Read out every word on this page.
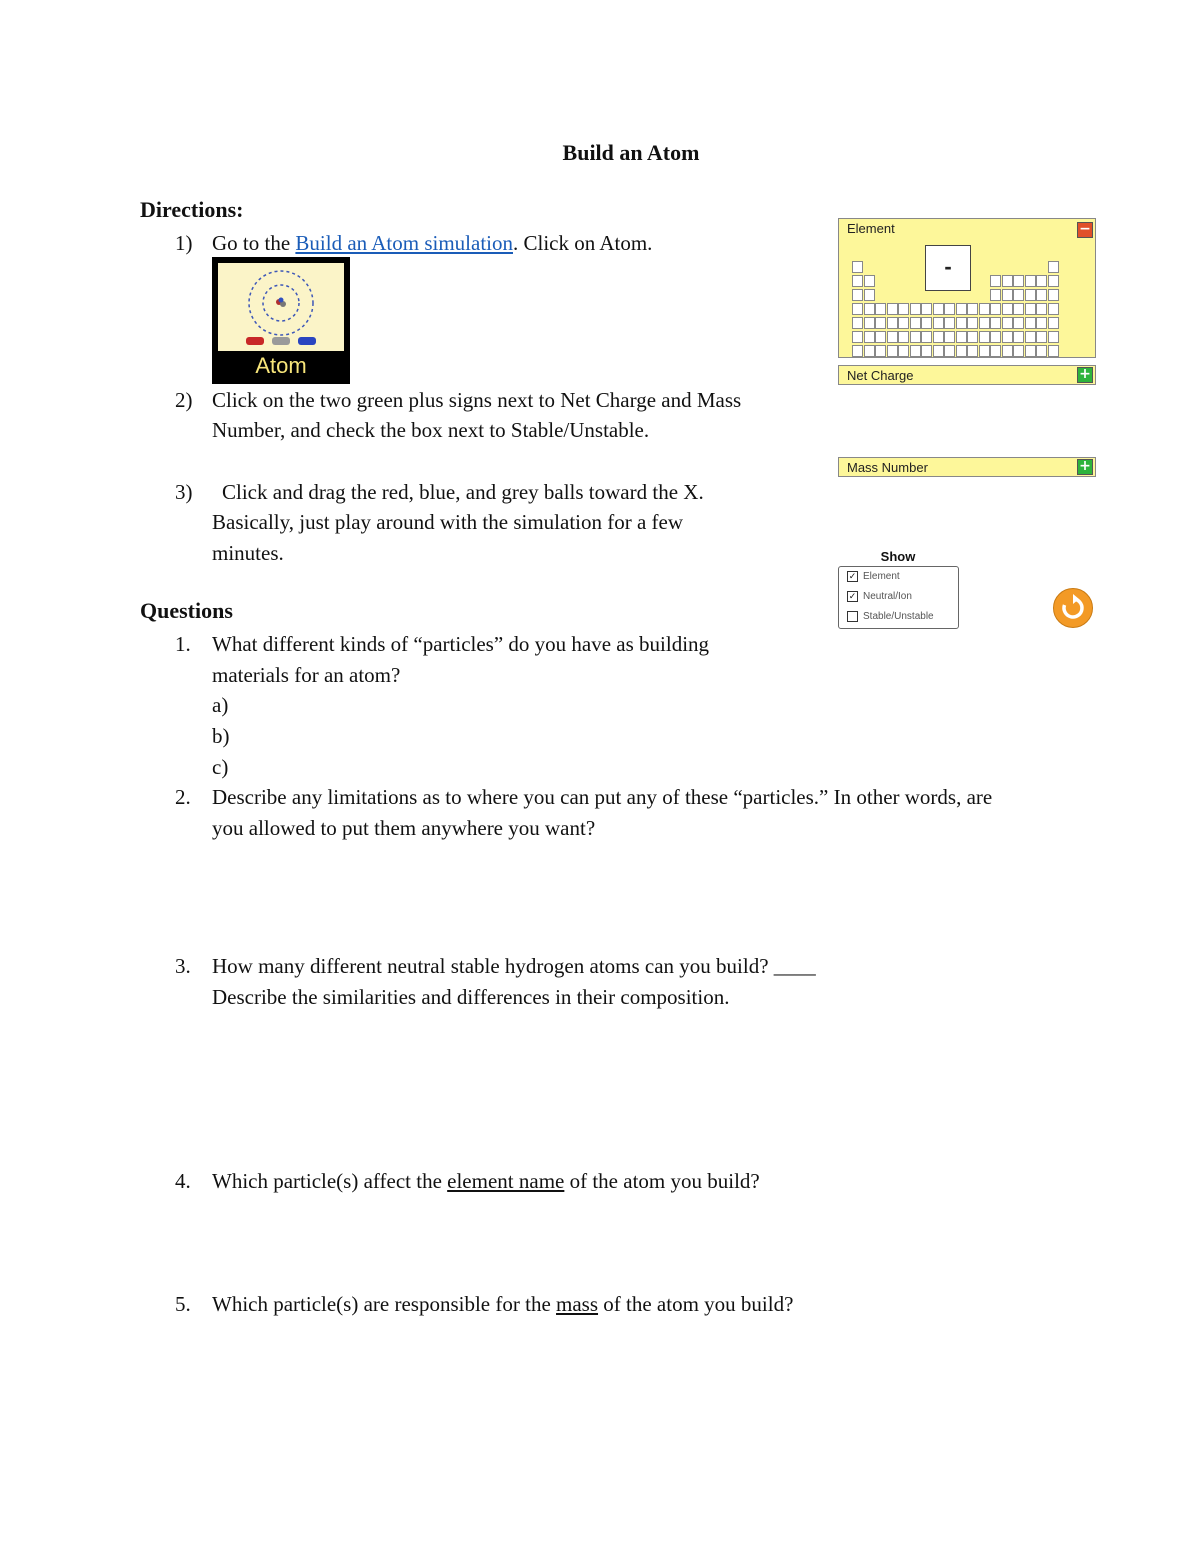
Build an Atom
Directions:
1) Go to the Build an Atom simulation. Click on Atom.
Atom
2) Click on the two green plus signs next to Net Charge and Mass
Number, and check the box next to Stable/Unstable.
3) Click and drag the red, blue, and grey balls toward the X.
Basically, just play around with the simulation for a few
minutes.
Questions
1. What different kinds of “particles” do you have as building
materials for an atom?
a)
b)
c)
2. Describe any limitations as to where you can put any of these “particles.” In other words, are
you allowed to put them anywhere you want?
3. How many different neutral stable hydrogen atoms can you build? ____
Describe the similarities and differences in their composition.
4. Which particle(s) affect the element name of the atom you build?
5. Which particle(s) are responsible for the mass of the atom you build?
Element	−
-
Net Charge	+
Mass Number	+
Show
✓ Element
✓ Neutral/Ion
Stable/Unstable
